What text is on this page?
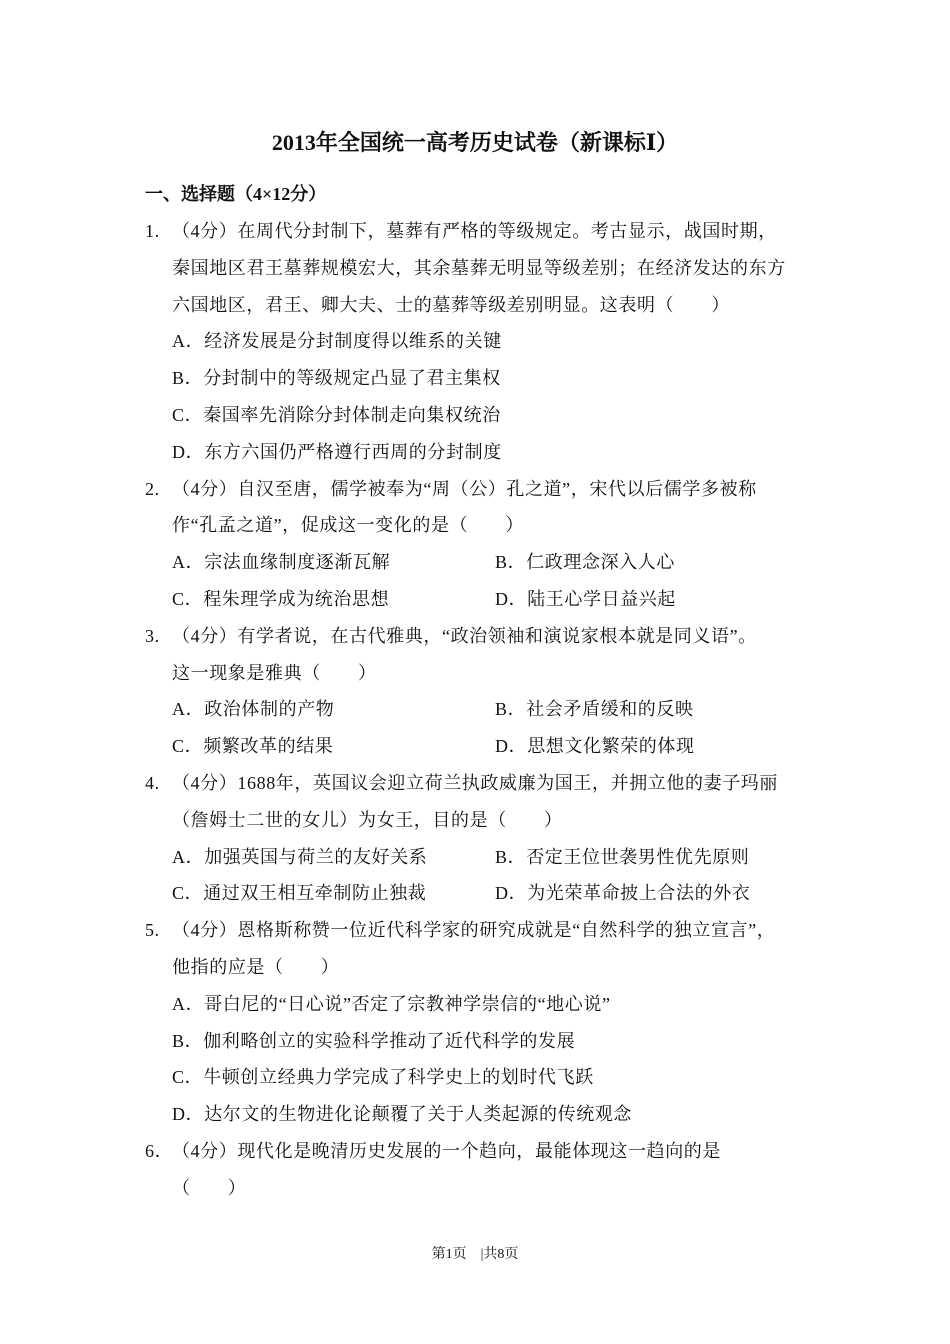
2013年全国统一高考历史试卷（新课标Ⅰ）
一、选择题（4×12分）
1. （4分）在周代分封制下，墓葬有严格的等级规定。考古显示，战国时期，
秦国地区君王墓葬规模宏大，其余墓葬无明显等级差别；在经济发达的东方
六国地区，君王、卿大夫、士的墓葬等级差别明显。这表明（　　）
A．经济发展是分封制度得以维系的关键
B．分封制中的等级规定凸显了君主集权
C．秦国率先消除分封体制走向集权统治
D．东方六国仍严格遵行西周的分封制度
2. （4分）自汉至唐，儒学被奉为“周（公）孔之道”，宋代以后儒学多被称
作“孔孟之道”，促成这一变化的是（　　）
A．宗法血缘制度逐渐瓦解	B．仁政理念深入人心
C．程朱理学成为统治思想	D．陆王心学日益兴起
3. （4分）有学者说，在古代雅典，“政治领袖和演说家根本就是同义语”。
这一现象是雅典（　　）
A．政治体制的产物	B．社会矛盾缓和的反映
C．频繁改革的结果	D．思想文化繁荣的体现
4. （4分）1688年，英国议会迎立荷兰执政威廉为国王，并拥立他的妻子玛丽
（詹姆士二世的女儿）为女王，目的是（　　）
A．加强英国与荷兰的友好关系	B．否定王位世袭男性优先原则
C．通过双王相互牵制防止独裁	D．为光荣革命披上合法的外衣
5. （4分）恩格斯称赞一位近代科学家的研究成就是“自然科学的独立宣言”，
他指的应是（　　）
A．哥白尼的“日心说”否定了宗教神学崇信的“地心说”
B．伽利略创立的实验科学推动了近代科学的发展
C．牛顿创立经典力学完成了科学史上的划时代飞跃
D．达尔文的生物进化论颠覆了关于人类起源的传统观念
6．（4分）现代化是晚清历史发展的一个趋向，最能体现这一趋向的是
（　　）
第1页　|共8页
